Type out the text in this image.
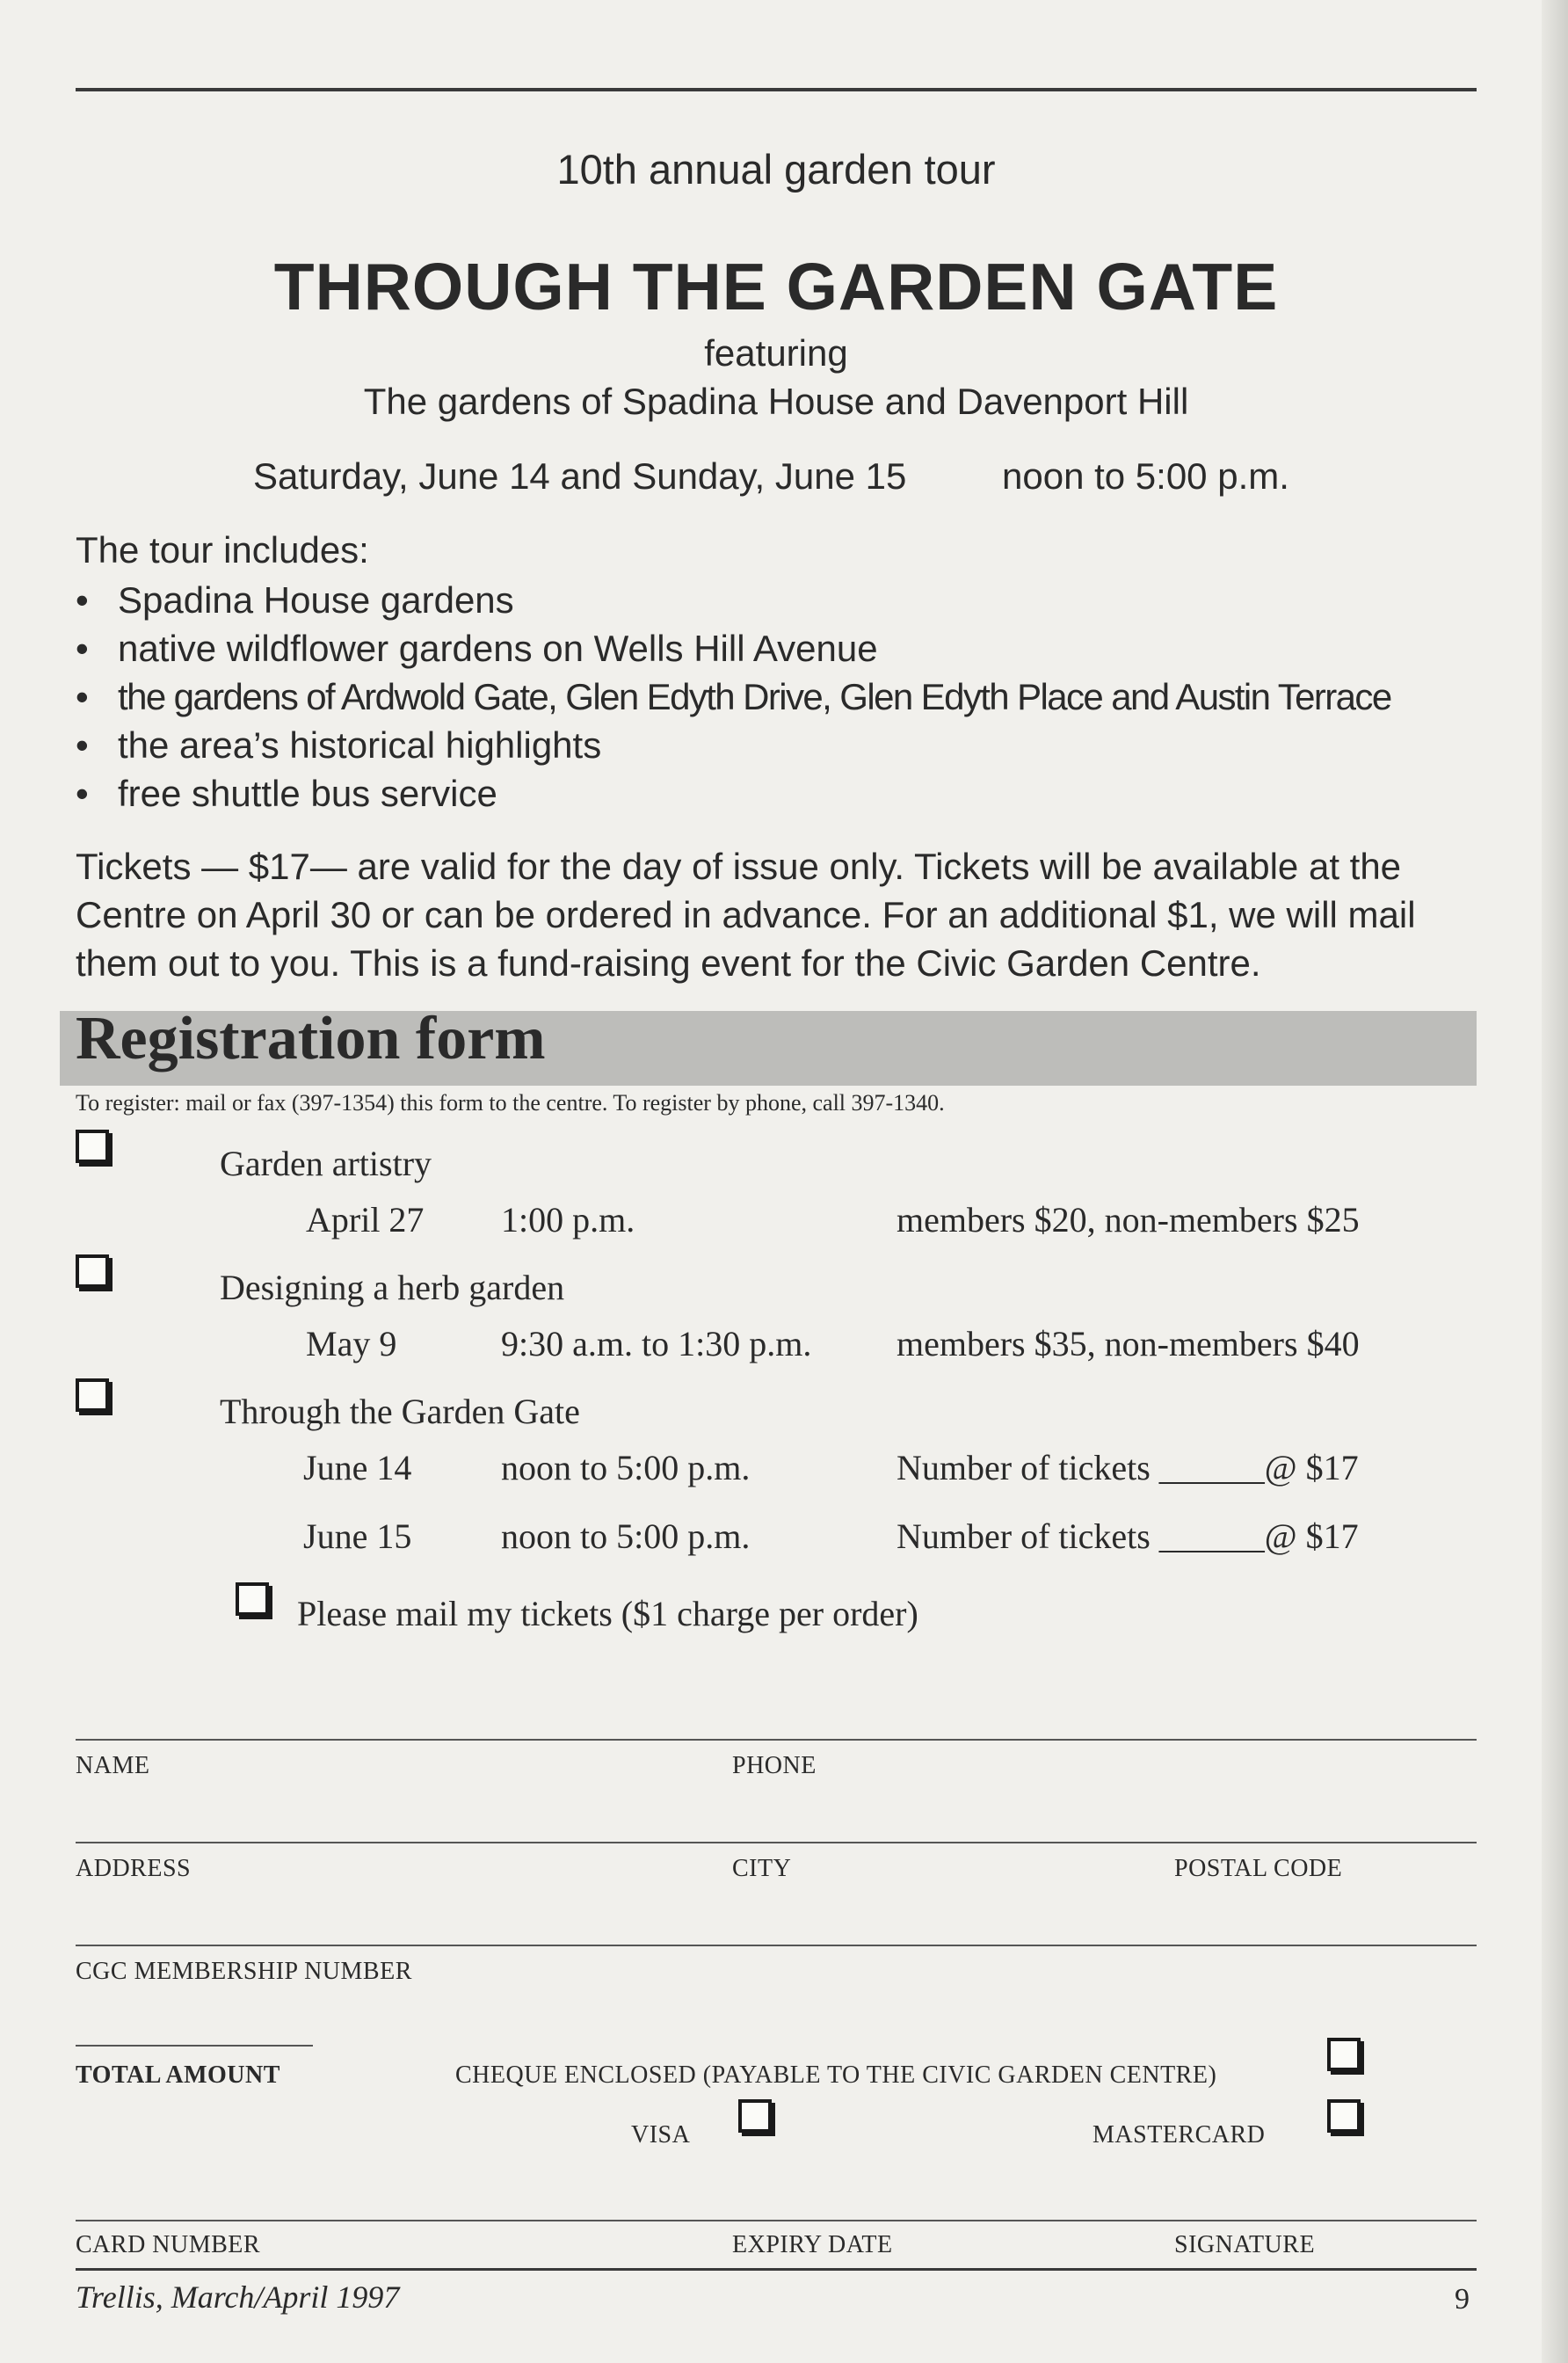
10th annual garden tour
THROUGH THE GARDEN GATE
featuring
The gardens of Spadina House and Davenport Hill
Saturday, June 14 and Sunday, June 15	noon to 5:00 p.m.
The tour includes:
• Spadina House gardens
• native wildflower gardens on Wells Hill Avenue
• the gardens of Ardwold Gate, Glen Edyth Drive, Glen Edyth Place and Austin Terrace
• the area’s historical highlights
• free shuttle bus service
Tickets — $17— are valid for the day of issue only. Tickets will be available at the
Centre on April 30 or can be ordered in advance. For an additional $1, we will mail
them out to you. This is a fund-raising event for the Civic Garden Centre.
Registration form
To register: mail or fax (397-1354) this form to the centre. To register by phone, call 397-1340.
Garden artistry
April 27 1:00 p.m.	members $20, non-members $25
Designing a herb garden
May 9	9:30 a.m. to 1:30 p.m. members $35, non-members $40
Through the Garden Gate
June 14	noon to 5:00 p.m.	Number of tickets ______@ $17
June 15	noon to 5:00 p.m.	Number of tickets ______@ $17
Please mail my tickets ($1 charge per order)
NAME	PHONE
ADDRESS	CITY	POSTAL CODE
CGC MEMBERSHIP NUMBER
TOTAL AMOUNT	CHEQUE ENCLOSED (PAYABLE TO THE CIVIC GARDEN CENTRE)
VISA	MASTERCARD
CARD NUMBER	EXPIRY DATE	SIGNATURE
Trellis, March/April 1997	9
